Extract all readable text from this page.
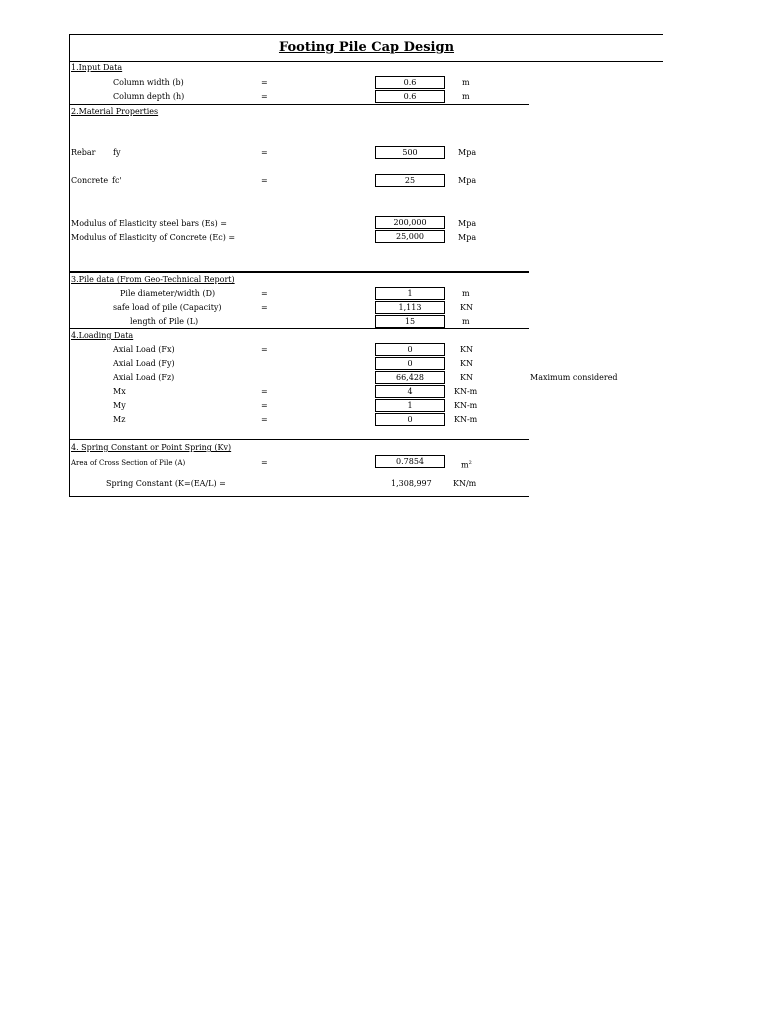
Footing Pile Cap Design
1.Input Data
Column width (b)	=	0.6	m
Column depth (h)	=	0.6	m
2.Material Properties
Rebar fy	=	500	Mpa
Concrete fc'	=	25	Mpa
Modulus of Elasticity steel bars (Es) =	200,000	Mpa
Modulus of Elasticity of Concrete (Ec) =	25,000	Mpa
3.Pile data (From Geo-Technical Report)
Pile diameter/width (D)	=	1	m
safe load of pile (Capacity)	=	1,113	KN
length of Pile (L)	15	m
4.Loading Data
Axial Load (Fx)	=	0	KN
Axial Load (Fy)	0	KN
Axial Load (Fz)	66,428	KN	Maximum considered
Mx	=	4	KN-m
My	=	1	KN-m
Mz	=	0	KN-m
4. Spring Constant or Point Spring (Kv)
Area of Cross Section of Pile (A)	=	0.7854	$m^2$
Spring Constant (K=(EA/L) =	1,308,997	KN/m
